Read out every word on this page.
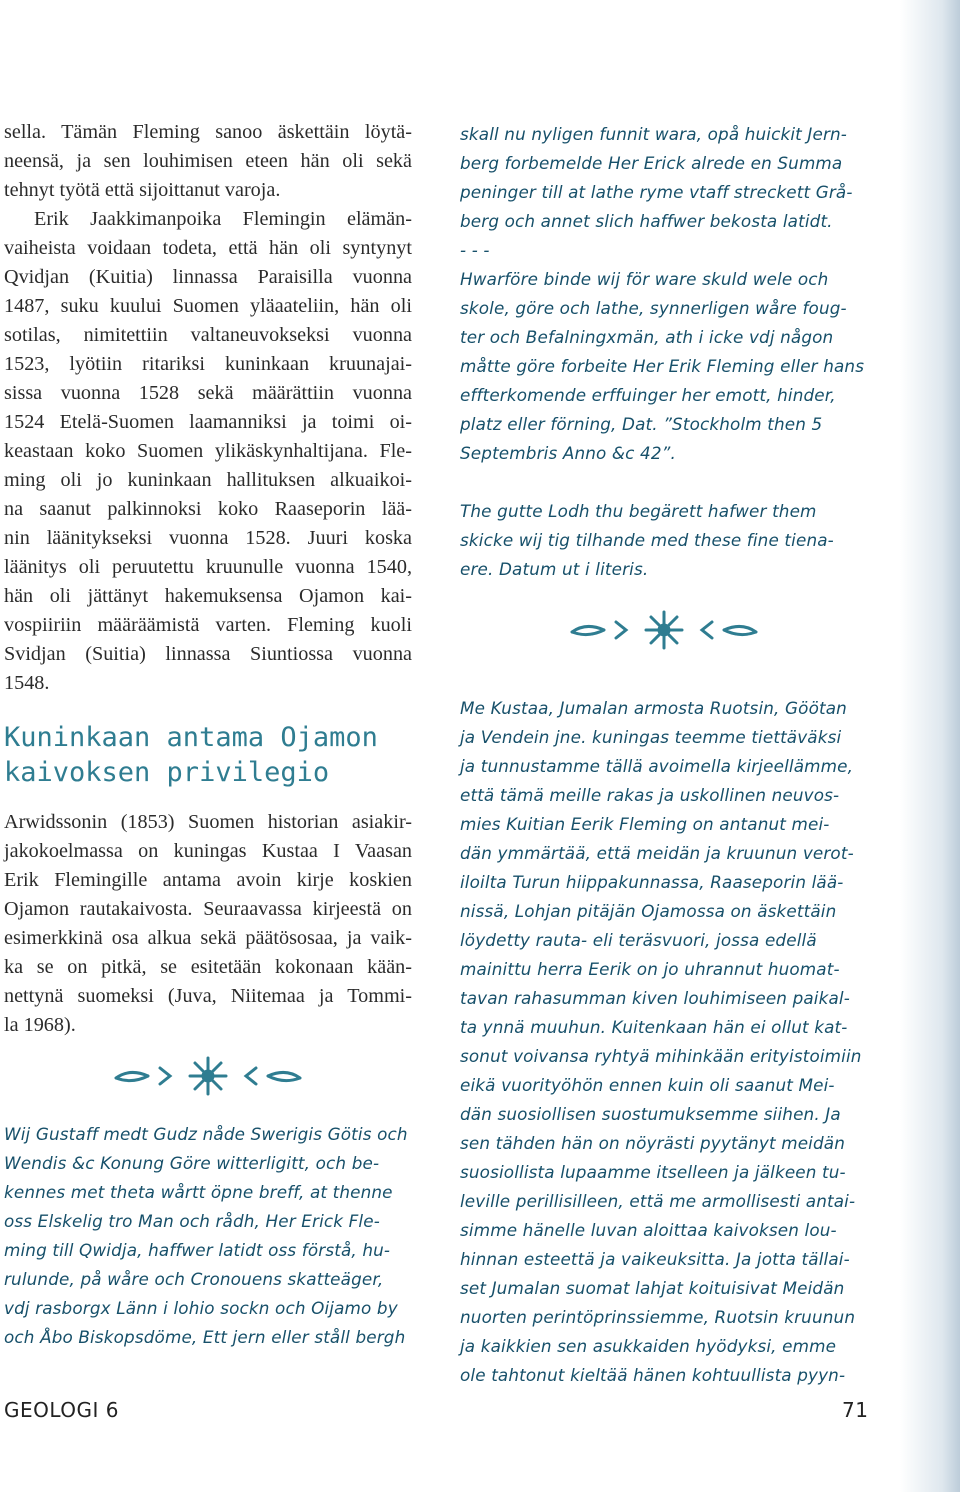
sella. Tämän Fleming sanoo äskettäin löytä-
neensä, ja sen louhimisen eteen hän oli sekä
tehnyt työtä että sijoittanut varoja.
Erik Jaakkimanpoika Flemingin elämän-
vaiheista voidaan todeta, että hän oli syntynyt
Qvidjan (Kuitia) linnassa Paraisilla vuonna
1487, suku kuului Suomen yläaateliin, hän oli
sotilas, nimitettiin valtaneuvokseksi vuonna
1523, lyötiin ritariksi kuninkaan kruunajai-
sissa vuonna 1528 sekä määrättiin vuonna
1524 Etelä-Suomen laamanniksi ja toimi oi-
keastaan koko Suomen ylikäskynhaltijana. Fle-
ming oli jo kuninkaan hallituksen alkuaikoi-
na saanut palkinnoksi koko Raaseporin lää-
nin läänitykseksi vuonna 1528. Juuri koska
läänitys oli peruutettu kruunulle vuonna 1540,
hän oli jättänyt hakemuksensa Ojamon kai-
vospiiriin määräämistä varten. Fleming kuoli
Svidjan (Suitia) linnassa Siuntiossa vuonna
1548.
Kuninkaan antama Ojamon
kaivoksen privilegio
Arwidssonin (1853) Suomen historian asiakir-
jakokoelmassa on kuningas Kustaa I Vaasan
Erik Flemingille antama avoin kirje koskien
Ojamon rautakaivosta. Seuraavassa kirjeestä on
esimerkkinä osa alkua sekä päätösosaa, ja vaik-
ka se on pitkä, se esitetään kokonaan kään-
nettynä suomeksi (Juva, Niitemaa ja Tommi-
la 1968).
Wij Gustaff medt Gudz nåde Swerigis Götis och
Wendis &c Konung Göre witterligitt, och be-
kennes met theta wårtt öpne breff, at thenne
oss Elskelig tro Man och rådh, Her Erick Fle-
ming till Qwidja, haffwer latidt oss förstå, hu-
rulunde, på wåre och Cronouens skatteäger,
vdj rasborgx Länn i lohio sockn och Oijamo by
och Åbo Biskopsdöme, Ett jern eller ståll bergh
skall nu nyligen funnit wara, opå huickit Jern-
berg forbemelde Her Erick alrede en Summa
peninger till at lathe ryme vtaff streckett Grå-
berg och annet slich haffwer bekosta latidt.
- - -
Hwarföre binde wij för ware skuld wele och
skole, göre och lathe, synnerligen wåre foug-
ter och Befalningxmän, ath i icke vdj någon
måtte göre forbeite Her Erik Fleming eller hans
effterkomende erffuinger her emott, hinder,
platz eller förning, Dat. ”Stockholm then 5
Septembris Anno &c 42”.
The gutte Lodh thu begärett hafwer them
skicke wij tig tilhande med these fine tiena-
ere. Datum ut i literis.
Me Kustaa, Jumalan armosta Ruotsin, Göötan
ja Vendein jne. kuningas teemme tiettäväksi
ja tunnustamme tällä avoimella kirjeellämme,
että tämä meille rakas ja uskollinen neuvos-
mies Kuitian Eerik Fleming on antanut mei-
dän ymmärtää, että meidän ja kruunun verot-
iloilta Turun hiippakunnassa, Raaseporin lää-
nissä, Lohjan pitäjän Ojamossa on äskettäin
löydetty rauta- eli teräsvuori, jossa edellä
mainittu herra Eerik on jo uhrannut huomat-
tavan rahasumman kiven louhimiseen paikal-
ta ynnä muuhun. Kuitenkaan hän ei ollut kat-
sonut voivansa ryhtyä mihinkään erityistoimiin
eikä vuorityöhön ennen kuin oli saanut Mei-
dän suosiollisen suostumuksemme siihen. Ja
sen tähden hän on nöyrästi pyytänyt meidän
suosiollista lupaamme itselleen ja jälkeen tu-
leville perillisilleen, että me armollisesti antai-
simme hänelle luvan aloittaa kaivoksen lou-
hinnan esteettä ja vaikeuksitta. Ja jotta tällai-
set Jumalan suomat lahjat koituisivat Meidän
nuorten perintöprinssiemme, Ruotsin kruunun
ja kaikkien sen asukkaiden hyödyksi, emme
ole tahtonut kieltää hänen kohtuullista pyyn-
GEOLOGI 6	71
